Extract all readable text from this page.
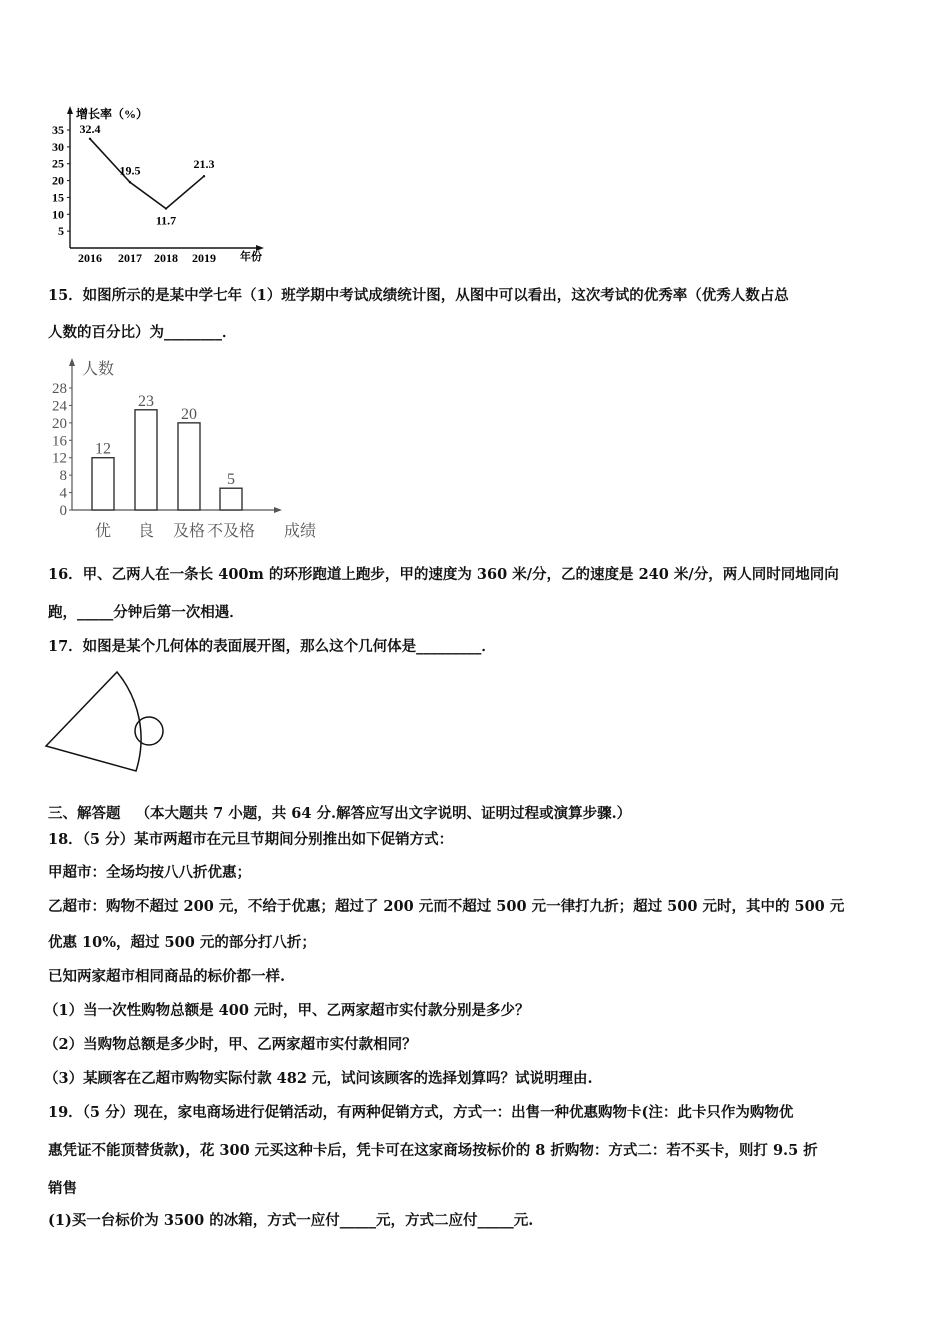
增长率（%）
年份
35
30
25
20
15
10
5
2016 2017 2018 2019
32.4
19.5
11.7
21.3
15．如图所示的是某中学七年（1）班学期中考试成绩统计图，从图中可以看出，这次考试的优秀率（优秀人数占总
人数的百分比）为________．
人数
成绩
28
24
20
16
12
8
4
0
12
优
23
良
20
及格
5
不及格
16．甲、乙两人在一条长 400m 的环形跑道上跑步，甲的速度为 360 米/分，乙的速度是 240 米/分，两人同时同地同向
跑，_____分钟后第一次相遇．
17．如图是某个几何体的表面展开图，那么这个几何体是_________．
三、解答题 （本大题共 7 小题，共 64 分.解答应写出文字说明、证明过程或演算步骤.）
18．（5 分）某市两超市在元旦节期间分别推出如下促销方式：
甲超市：全场均按八八折优惠；
乙超市：购物不超过 200 元，不给于优惠；超过了 200 元而不超过 500 元一律打九折；超过 500 元时，其中的 500 元
优惠 10%，超过 500 元的部分打八折；
已知两家超市相同商品的标价都一样.
（1）当一次性购物总额是 400 元时，甲、乙两家超市实付款分别是多少？
（2）当购物总额是多少时，甲、乙两家超市实付款相同？
（3）某顾客在乙超市购物实际付款 482 元，试问该顾客的选择划算吗？试说明理由.
19．（5 分）现在，家电商场进行促销活动，有两种促销方式，方式一：出售一种优惠购物卡(注：此卡只作为购物优
惠凭证不能顶替货款)，花 300 元买这种卡后，凭卡可在这家商场按标价的 8 折购物：方式二：若不买卡，则打 9.5 折
销售
(1)买一台标价为 3500 的冰箱，方式一应付_____元，方式二应付_____元.
